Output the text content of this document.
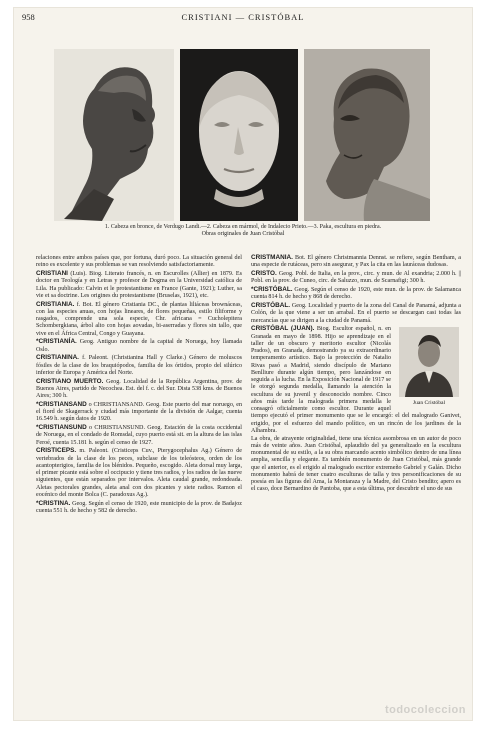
958	CRISTIANI — CRISTÓBAL
1. Cabeza en bronce, de Verdugo Landi.—2. Cabeza en mármol, de Indalecio Prieto.—3. Paka, escultura en piedra.
Obras originales de Juan Cristóbal

relaciones entre ambos países que, por fortuna, duró poco. La situación general del reino es excelente y sus problemas se van resolviendo satisfactoriamente.

CRISTIANI (Luis). Biog. Literato francés, n. en Escurolles (Allier) en 1879. Es doctor en Teología y en Letras y profesor de Dogma en la Universidad católica de Lila. Ha publicado: Calvin et le protestantisme en France (Gante, 1921); Luther, sa vie et sa doctrine. Les origines du protestantisme (Bruselas, 1921), etc.

CRISTIANIA. f. Bot. El género Cristiania DC., de plantas liliáceas brownáceas, con las especies anuas, con hojas lineares, de flores pequeñas, estilo filiforme y rasgados, comprende una sola especie, Chr. africana = Cucholepitera Schombergkiana, árbol alto con hojas aovadas, bi-aserradas y flores sin tallo, que vive en el África Central, Congo y Guayana.

*CRISTIANÍA. Geog. Antiguo nombre de la capital de Noruega, hoy llamada Oslo.

CRISTIANINA. f. Paleont. (Christianina Hall y Clarke.) Género de moluscos fósiles de la clase de los braquiópodos, familia de los órtidos, propio del silúrico inferior de Europa y América del Norte.

CRISTIANO MUERTO. Geog. Localidad de la República Argentina, prov. de Buenos Aires, partido de Necochea. Est. del f. c. del Sur. Dista 538 kms. de Buenos Aires; 300 h.

*CRISTIANSAND o CHRISTIANSAND. Geog. Este puerto del mar noruego, en el fiord de Skagerrack y ciudad más importante de la división de Aalgar, cuenta 16.549 h. según datos de 1920.

*CRISTIANSUND o CHRISTIANSUND. Geog. Estación de la costa occidental de Noruega, en el condado de Romsdal, cuyo puerto está sit. en la altura de las islas Feroé, cuenta 15.181 h. según el censo de 1927.

CRISTICEPS. m. Paleont. (Cristiceps Cuv., Pterygocephalus Ag.) Género de vertebrados de la clase de los peces, subclase de los teleósteos, orden de los acantopterigios, familia de los blénidos. Pequeño, escogido. Aleta dorsal muy larga, el primer picante está sobre el occipucio y tiene tres radios, y los radios de las nueve siguientes, que están separados por intervalos. Aleta caudal grande, redondeada. Aletas pectorales grandes, aleta anal con dos picantes y siete radios. Ramon el eocénico del monte Bolca (C. paradoxus Ag.).

*CRISTINA. Geog. Según el censo de 1920, este municipio de la prov. de Badajoz cuenta 551 h. de hecho y 582 de derecho.

CRISTMANIA. Bot. El género Christmannia Dennst. se refiere, según Bentham, a una especie de rutáceas, pero sin asegurar, y Pax la cita en las lauráceas dudosas.

CRISTO. Geog. Pobl. de Italia, en la prov., circ. y mun. de Al exandria; 2.000 h. || Pobl. en la prov. de Cuneo, circ. de Saluzzo, mun. de Scarnafigi; 300 h.

*CRISTÓBAL. Geog. Según el censo de 1920, este mun. de la prov. de Salamanca cuenta 814 h. de hecho y 868 de derecho.

CRISTÓBAL. Geog. Localidad y puerto de la zona del Canal de Panamá, adjunta a Colón, de la que viene a ser un arrabal. En el puerto se descargan casi todas las mercancías que se dirigen a la ciudad de Panamá.

Juan Cristóbal
CRISTÓBAL (JUAN). Biog. Escultor español, n. en Granada en mayo de 1898. Hijo se aprendizaje en el taller de un obscuro y meritorio escultor (Nicolás Prados), en Granada, demostrando ya su extraordinario temperamento artístico. Bajo la protección de Natalio Rivas pasó a Madrid, siendo discípulo de Mariano Benlliure durante algún tiempo, pero lanzándose en seguida a la lucha. En la Exposición Nacional de 1917 se le otorgó segunda medalla, llamando la atención la escultura de su juvenil y desconocido nombre. Cinco años más tarde la malograda primera medalla le consagró oficialmente como escultor. Durante aquel tiempo ejecutó el primer monumento que se le encargó: el del malogrado Ganivet, erigido, por el esfuerzo del mando político, en un rincón de los jardines de la Alhambra.

La obra, de atrayente originalidad, tiene una técnica asombrosa en un autor de poco más de veinte años. Juan Cristóbal, aplaudido del ya generalizado en la escultura monumental de su estilo, a la su obra marcando acento simbólico dentro de una línea amplia, sencilla y elegante. Es también monumento de Juan Cristóbal, más grande que el anterior, es el erigido al malogrado escritor extremeño Gabriel y Galán. Dicho monumento habrá de tener cuatro esculturas de talla y tres personificaciones de su poesía en las figuras del Ama, la Montaraza y la Madre, del Cristo bendito; apero es el caso, doce Bernardino de Pantoba, que a esta última, por descubrir el uno de sus

todocoleccion
